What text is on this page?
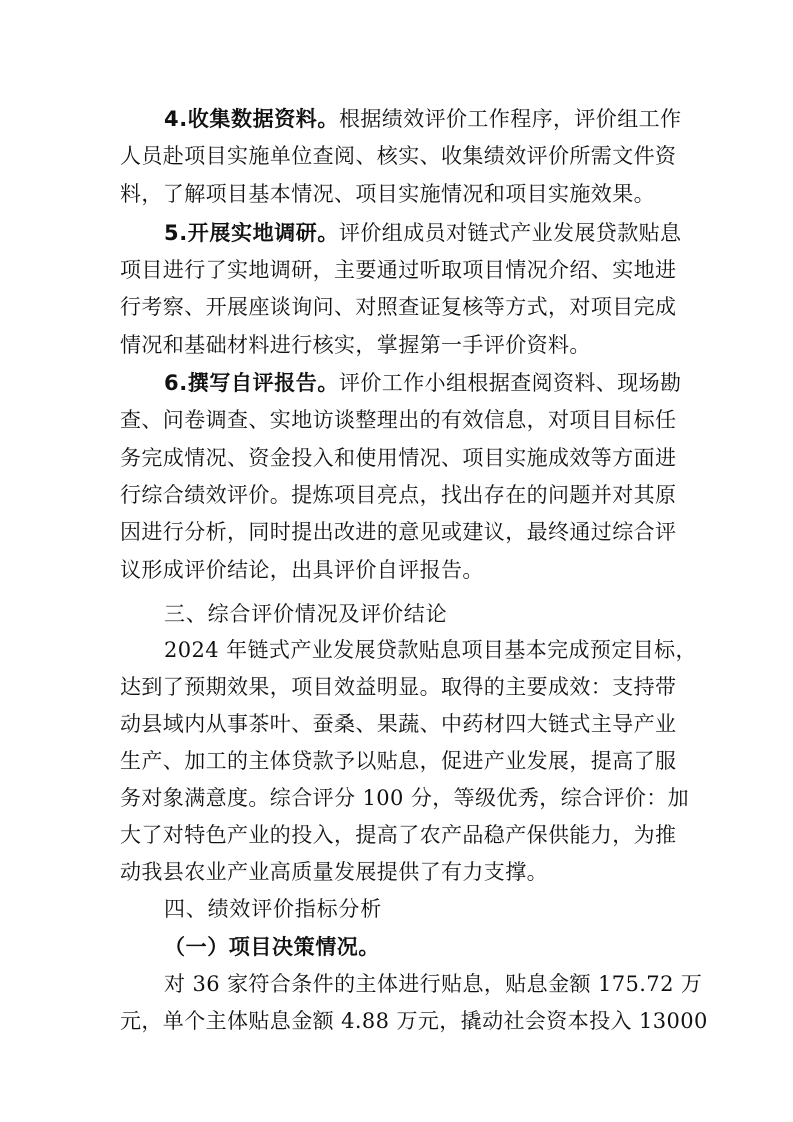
4.收集数据资料。根据绩效评价工作程序，评价组工作
人员赴项目实施单位查阅、核实、收集绩效评价所需文件资
料，了解项目基本情况、项目实施情况和项目实施效果。
5.开展实地调研。评价组成员对链式产业发展贷款贴息
项目进行了实地调研，主要通过听取项目情况介绍、实地进
行考察、开展座谈询问、对照查证复核等方式，对项目完成
情况和基础材料进行核实，掌握第一手评价资料。
6.撰写自评报告。评价工作小组根据查阅资料、现场勘
查、问卷调查、实地访谈整理出的有效信息，对项目目标任
务完成情况、资金投入和使用情况、项目实施成效等方面进
行综合绩效评价。提炼项目亮点，找出存在的问题并对其原
因进行分析，同时提出改进的意见或建议，最终通过综合评
议形成评价结论，出具评价自评报告。
三、综合评价情况及评价结论
2024 年链式产业发展贷款贴息项目基本完成预定目标，
达到了预期效果，项目效益明显。取得的主要成效：支持带
动县域内从事茶叶、蚕桑、果蔬、中药材四大链式主导产业
生产、加工的主体贷款予以贴息，促进产业发展，提高了服
务对象满意度。综合评分 100 分，等级优秀，综合评价：加
大了对特色产业的投入，提高了农产品稳产保供能力，为推
动我县农业产业高质量发展提供了有力支撑。
四、绩效评价指标分析
（一）项目决策情况。
对 36 家符合条件的主体进行贴息，贴息金额 175.72 万
元，单个主体贴息金额 4.88 万元，撬动社会资本投入 13000
